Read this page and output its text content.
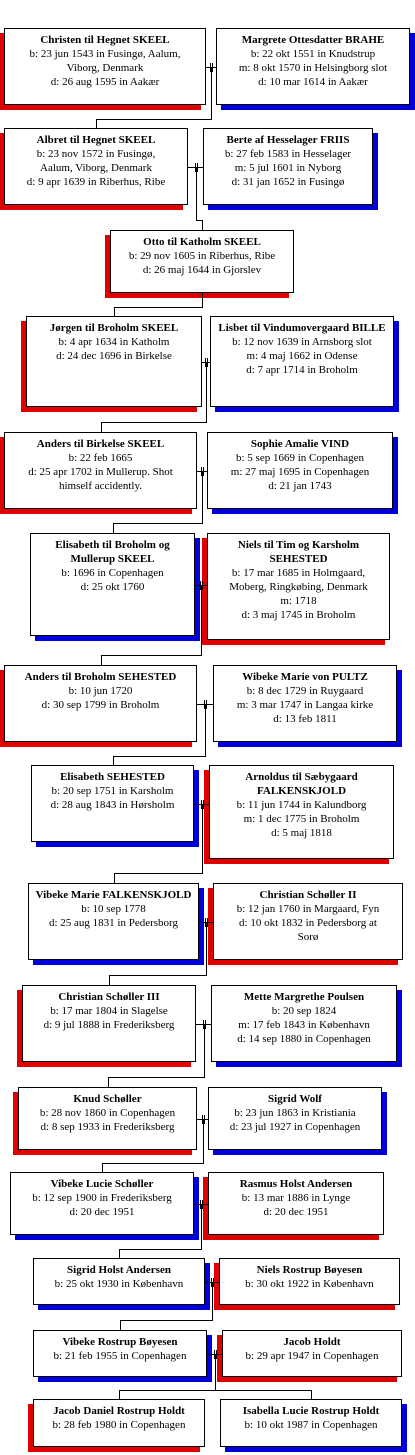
Christen til Hegnet SKEEL
b: 23 jun 1543 in Fusingø, Aalum,
Viborg, Denmark
d: 26 aug 1595 in Aakær
Margrete Ottesdatter BRAHE
b: 22 okt 1551 in Knudstrup
m: 8 okt 1570 in Helsingborg slot
d: 10 mar 1614 in Aakær
Albret til Hegnet SKEEL
b: 23 nov 1572 in Fusingø,
Aalum, Viborg, Denmark
d: 9 apr 1639 in Riberhus, Ribe
Berte af Hesselager FRIIS
b: 27 feb 1583 in Hesselager
m: 5 jul 1601 in Nyborg
d: 31 jan 1652 in Fusingø
Otto til Katholm SKEEL
b: 29 nov 1605 in Riberhus, Ribe
d: 26 maj 1644 in Gjorslev
Jørgen til Broholm SKEEL
b: 4 apr 1634 in Katholm
d: 24 dec 1696 in Birkelse
Lisbet til Vindumovergaard BILLE
b: 12 nov 1639 in Arnsborg slot
m: 4 maj 1662 in Odense
d: 7 apr 1714 in Broholm
Anders til Birkelse SKEEL
b: 22 feb 1665
d: 25 apr 1702 in Mullerup. Shot
himself accidently.
Sophie Amalie VIND
b: 5 sep 1669 in Copenhagen
m: 27 maj 1695 in Copenhagen
d: 21 jan 1743
Elisabeth til Broholm og Mullerup SKEEL
b: 1696 in Copenhagen
d: 25 okt 1760
Niels til Tim og Karsholm SEHESTED
b: 17 mar 1685 in Holmgaard,
Moberg, Ringkøbing, Denmark
m: 1718
d: 3 maj 1745 in Broholm
Anders til Broholm SEHESTED
b: 10 jun 1720
d: 30 sep 1799 in Broholm
Wibeke Marie von PULTZ
b: 8 dec 1729 in Ruygaard
m: 3 mar 1747 in Langaa kirke
d: 13 feb 1811
Elisabeth SEHESTED
b: 20 sep 1751 in Karsholm
d: 28 aug 1843 in Hørsholm
Arnoldus til Sæbygaard FALKENSKJOLD
b: 11 jun 1744 in Kalundborg
m: 1 dec 1775 in Broholm
d: 5 maj 1818
Vibeke Marie FALKENSKJOLD
b: 10 sep 1778
d: 25 aug 1831 in Pedersborg
Christian Schøller II
b: 12 jan 1760 in Margaard, Fyn
d: 10 okt 1832 in Pedersborg at
Sorø
Christian Schøller III
b: 17 mar 1804 in Slagelse
d: 9 jul 1888 in Frederiksberg
Mette Margrethe Poulsen
b: 20 sep 1824
m: 17 feb 1843 in København
d: 14 sep 1880 in Copenhagen
Knud Schøller
b: 28 nov 1860 in Copenhagen
d: 8 sep 1933 in Frederiksberg
Sigrid Wolf
b: 23 jun 1863 in Kristiania
d: 23 jul 1927 in Copenhagen
Vibeke Lucie Schøller
b: 12 sep 1900 in Frederiksberg
d: 20 dec 1951
Rasmus Holst Andersen
b: 13 mar 1886 in Lynge
d: 20 dec 1951
Sigrid Holst Andersen
b: 25 okt 1930 in København
Niels Rostrup Bøyesen
b: 30 okt 1922 in København
Vibeke Rostrup Bøyesen
b: 21 feb 1955 in Copenhagen
Jacob Holdt
b: 29 apr 1947 in Copenhagen
Jacob Daniel Rostrup Holdt
b: 28 feb 1980 in Copenhagen
Isabella Lucie Rostrup Holdt
b: 10 okt 1987 in Copenhagen
